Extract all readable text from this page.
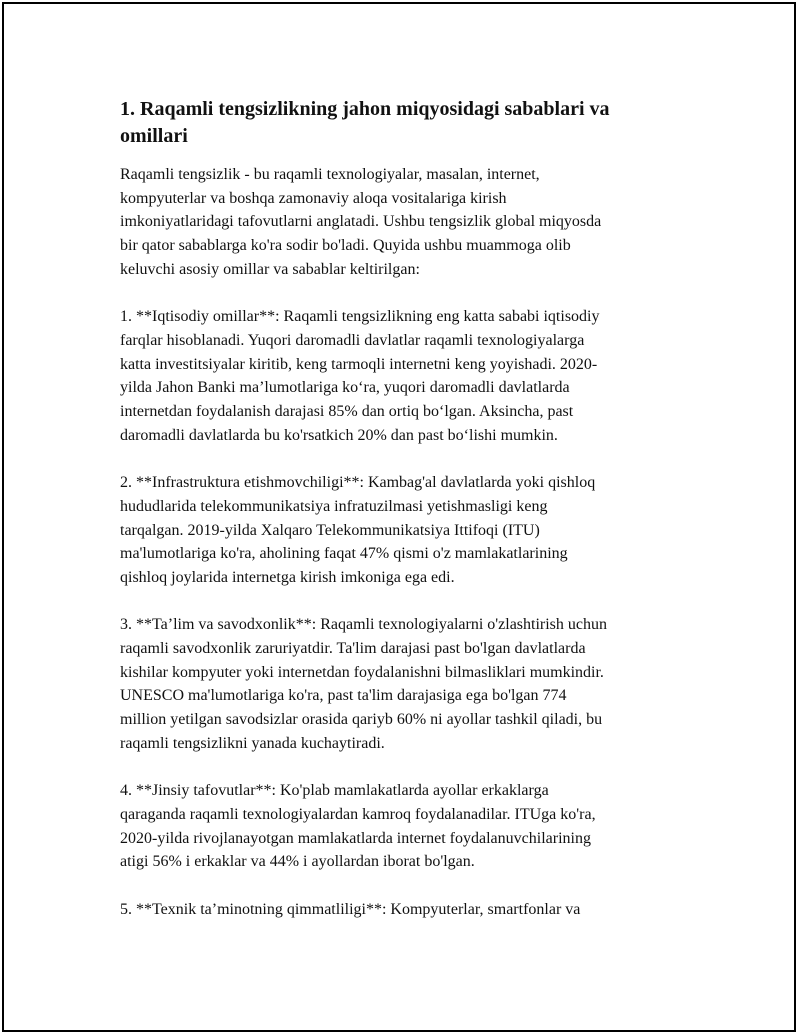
1. Raqamli tengsizlikning jahon miqyosidagi sabablari va
omillari
Raqamli tengsizlik - bu raqamli texnologiyalar, masalan, internet,
kompyuterlar va boshqa zamonaviy aloqa vositalariga kirish
imkoniyatlaridagi tafovutlarni anglatadi. Ushbu tengsizlik global miqyosda
bir qator sabablarga ko'ra sodir bo'ladi. Quyida ushbu muammoga olib
keluvchi asosiy omillar va sabablar keltirilgan:
1. **Iqtisodiy omillar**: Raqamli tengsizlikning eng katta sababi iqtisodiy
farqlar hisoblanadi. Yuqori daromadli davlatlar raqamli texnologiyalarga
katta investitsiyalar kiritib, keng tarmoqli internetni keng yoyishadi. 2020-
yilda Jahon Banki ma’lumotlariga ko‘ra, yuqori daromadli davlatlarda
internetdan foydalanish darajasi 85% dan ortiq bo‘lgan. Aksincha, past
daromadli davlatlarda bu ko'rsatkich 20% dan past bo‘lishi mumkin.
2. **Infrastruktura etishmovchiligi**: Kambag'al davlatlarda yoki qishloq
hududlarida telekommunikatsiya infratuzilmasi yetishmasligi keng
tarqalgan. 2019-yilda Xalqaro Telekommunikatsiya Ittifoqi (ITU)
ma'lumotlariga ko'ra, aholining faqat 47% qismi o'z mamlakatlarining
qishloq joylarida internetga kirish imkoniga ega edi.
3. **Ta’lim va savodxonlik**: Raqamli texnologiyalarni o'zlashtirish uchun
raqamli savodxonlik zaruriyatdir. Ta'lim darajasi past bo'lgan davlatlarda
kishilar kompyuter yoki internetdan foydalanishni bilmasliklari mumkindir.
UNESCO ma'lumotlariga ko'ra, past ta'lim darajasiga ega bo'lgan 774
million yetilgan savodsizlar orasida qariyb 60% ni ayollar tashkil qiladi, bu
raqamli tengsizlikni yanada kuchaytiradi.
4. **Jinsiy tafovutlar**: Ko'plab mamlakatlarda ayollar erkaklarga
qaraganda raqamli texnologiyalardan kamroq foydalanadilar. ITUga ko'ra,
2020-yilda rivojlanayotgan mamlakatlarda internet foydalanuvchilarining
atigi 56% i erkaklar va 44% i ayollardan iborat bo'lgan.
5. **Texnik ta’minotning qimmatliligi**: Kompyuterlar, smartfonlar va
